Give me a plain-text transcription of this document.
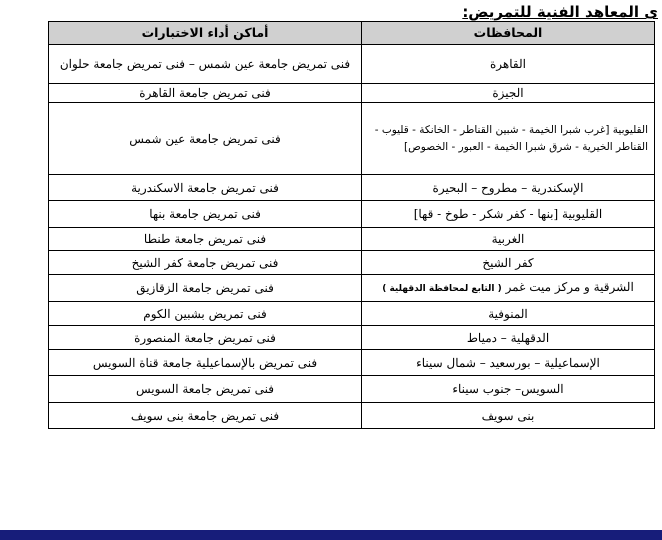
ى المعاهد الفنية للتمريض:
المحافظات	أماكن أداء الاختبارات
القاهرة	فنى تمريض جامعة عين شمس – فنى تمريض جامعة حلوان
الجيزة	فنى تمريض جامعة القاهرة
القليوبية [غرب شبرا الخيمة - شبين القناطر - الخانكة - قليوب - القناطر الخيرية - شرق شبرا الخيمة - العبور - الخصوص]	فنى تمريض جامعة عين شمس
الإسكندرية – مطروح – البحيرة	فنى تمريض جامعة الاسكندرية
القليوبية [بنها - كفر شكر - طوخ - قها]	فنى تمريض جامعة بنها
الغربية	فنى تمريض جامعة طنطا
كفر الشيخ	فنى تمريض جامعة كفر الشيخ
الشرقية و مركز ميت غمر ( التابع لمحافظة الدقهلية )	فنى تمريض جامعة الزقازيق
المنوفية	فنى تمريض بشبين الكوم
الدقهلية – دمياط	فنى تمريض جامعة المنصورة
الإسماعيلية – بورسعيد – شمال سيناء	فنى تمريض بالإسماعيلية جامعة قناة السويس
السويس– جنوب سيناء	فنى تمريض جامعة السويس
بنى سويف	فنى تمريض جامعة بنى سويف
